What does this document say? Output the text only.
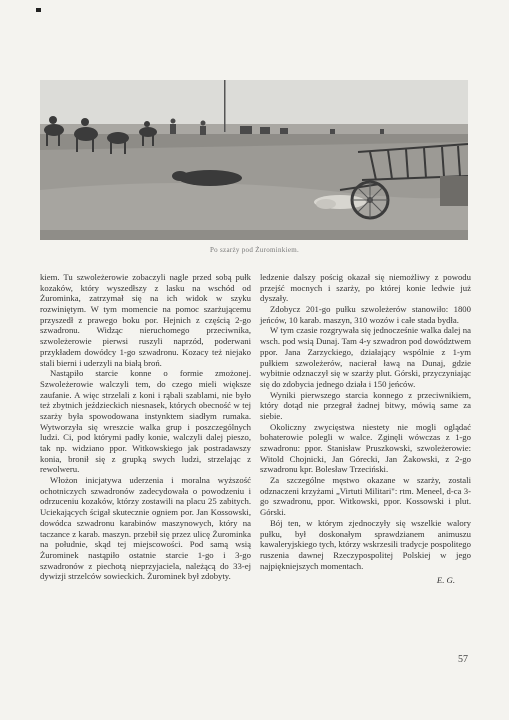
Po szarży pod Żurominkiem.

kiem. Tu szwoleżerowie zobaczyli nagle przed sobą pułk kozaków, który wyszedłszy z lasku na wschód od Żurominka, zatrzymał się na ich widok w szyku rozwiniętym. W tym momencie na pomoc szarżującemu przyszedł z prawego boku por. Hejnich z częścią 2-go szwadronu. Widząc nieruchomego przeciwnika, szwoleżerowie pierwsi ruszyli naprzód, poderwani przykładem dowódcy 1-go szwadronu. Kozacy też niejako stali bierni i uderzyli na białą broń.

Nastąpiło starcie konne o formie zmożonej. Szwoleżerowie walczyli tem, do czego mieli większe zaufanie. A więc strzelali z koni i rąbali szablami, nie było też zbytnich jeździeckich niesnasek, których obecność w tej szarży była spowodowana instynktem siadłym rumaka. Wytworzyła się wreszcie walka grup i poszczególnych ludzi. Ci, pod którymi padły konie, walczyli dalej pieszo, tak np. widziano ppor. Witkowskiego jak postradawszy konia, bronił się z grupką swych ludzi, strzelając z rewolweru.

Włożon inicjatywa uderzenia i moralna wyższość ochotniczych szwadronów zadecydowała o powodzeniu i odrzuceniu kozaków, którzy zostawili na placu 25 zabitych. Uciekających ścigał skutecznie ogniem por. Jan Kossowski, dowódca szwadronu karabinów maszynowych, który na taczance z karab. maszyn. przebił się przez ulicę Żurominka na południe, skąd tej miejscowości. Pod samą wsią Żurominek nastąpiło ostatnie starcie 1-go i 3-go szwadronów z piechotą nieprzyjaciela, należącą do 33-ej dywizji strzelców sowieckich. Żurominek był zdobyty.

ledzenie dalszy pościg okazał się niemożliwy z powodu przejść mocnych i szarży, po której konie ledwie już dyszały.

Zdobycz 201-go pułku szwoleżerów stanowiło: 1800 jeńców, 10 karab. maszyn, 310 wozów i całe stada bydła.

W tym czasie rozgrywała się jednocześnie walka dalej na wsch. pod wsią Dunaj. Tam 4-y szwadron pod dowództwem ppor. Jana Zarzyckiego, działający wspólnie z 1-ym pułkiem szwoleżerów, nacierał ławą na Dunaj, gdzie wybitnie odznaczył się w szarży plut. Górski, przyczyniając się do zdobycia jednego działa i 150 jeńców.

Wyniki pierwszego starcia konnego z przeciwnikiem, który dotąd nie przegrał żadnej bitwy, mówią same za siebie.

Okoliczny zwycięstwa niestety nie mogli oglądać bohaterowie polegli w walce. Zginęli wówczas z 1-go szwadronu: ppor. Stanisław Pruszkowski, szwoleżerowie: Witold Chojnicki, Jan Górecki, Jan Żakowski, z 2-go szwadronu kpr. Bolesław Trzeciński.

Za szczególne męstwo okazane w szarży, zostali odznaczeni krzyżami „Virtuti Militari": rtm. Meneel, d-ca 3-go szwadronu, ppor. Witkowski, ppor. Kossowski i plut. Górski.

Bój ten, w którym zjednoczyły się wszelkie walory pułku, był doskonałym sprawdzianem animuszu kawaleryjskiego tych, którzy wskrzesili tradycje pospolitego ruszenia dawnej Rzeczypospolitej Polskiej w jego najpiękniejszych momentach.

E. G.

57
